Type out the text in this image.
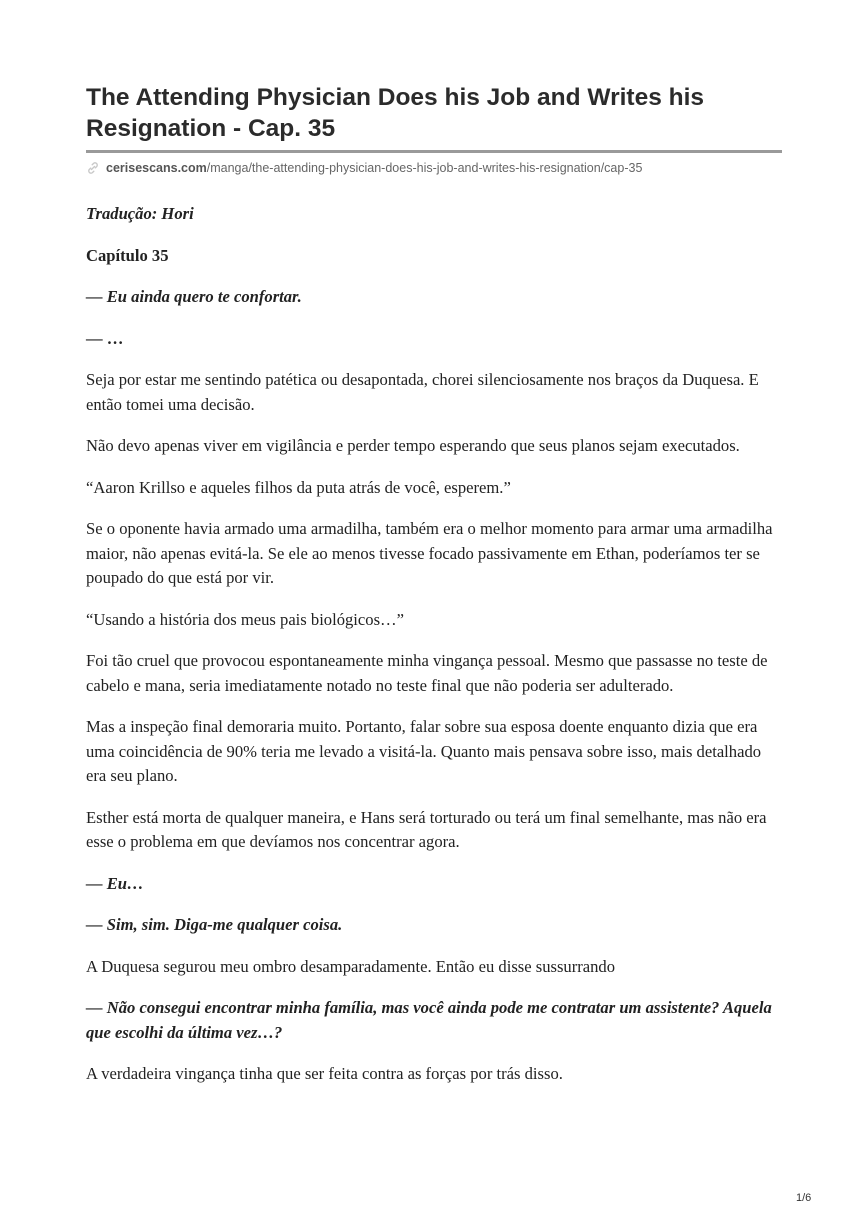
The Attending Physician Does his Job and Writes his Resignation - Cap. 35
cerisescans.com /manga/the-attending-physician-does-his-job-and-writes-his-resignation/cap-35

Tradução: Hori

Capítulo 35

— Eu ainda quero te confortar.

— …

Seja por estar me sentindo patética ou desapontada, chorei silenciosamente nos braços da Duquesa. E então tomei uma decisão.

Não devo apenas viver em vigilância e perder tempo esperando que seus planos sejam executados.

“Aaron Krillso e aqueles filhos da puta atrás de você, esperem.”

Se o oponente havia armado uma armadilha, também era o melhor momento para armar uma armadilha maior, não apenas evitá-la. Se ele ao menos tivesse focado passivamente em Ethan, poderíamos ter se poupado do que está por vir.

“Usando a história dos meus pais biológicos…”

Foi tão cruel que provocou espontaneamente minha vingança pessoal. Mesmo que passasse no teste de cabelo e mana, seria imediatamente notado no teste final que não poderia ser adulterado.

Mas a inspeção final demoraria muito. Portanto, falar sobre sua esposa doente enquanto dizia que era uma coincidência de 90% teria me levado a visitá-la. Quanto mais pensava sobre isso, mais detalhado era seu plano.

Esther está morta de qualquer maneira, e Hans será torturado ou terá um final semelhante, mas não era esse o problema em que devíamos nos concentrar agora.

— Eu…

— Sim, sim. Diga-me qualquer coisa.

A Duquesa segurou meu ombro desamparadamente. Então eu disse sussurrando

— Não consegui encontrar minha família, mas você ainda pode me contratar um assistente? Aquela que escolhi da última vez…?

A verdadeira vingança tinha que ser feita contra as forças por trás disso.

1/6
